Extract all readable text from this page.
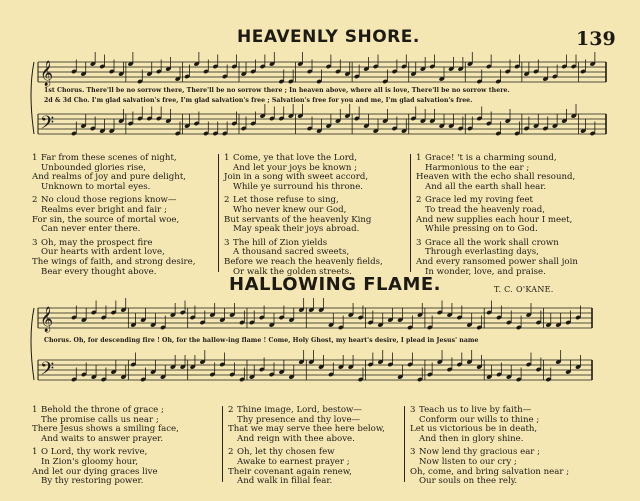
HEAVENLY SHORE.	139
𝄞
𝄢
𝄞
𝄢
1st Chorus. There'll be no sorrow there, There'll be no sorrow there ; In heaven above, where all is love, There'll be no sorrow there.
2d & 3d Cho. I'm glad salvation's free, I'm glad salvation's free ; Salvation's free for you and me, I'm glad salvation's free.
1 Far from these scenes of night,
Unbounded glories rise,
And realms of joy and pure delight,
Unknown to mortal eyes.
2 No cloud those regions know—
Realms ever bright and fair ;
For sin, the source of mortal woe,
Can never enter there.
3 Oh, may the prospect fire
Our hearts with ardent love,
The wings of faith, and strong desire,
Bear every thought above.
1 Come, ye that love the Lord,
And let your joys be known ;
Join in a song with sweet accord,
While ye surround his throne.
2 Let those refuse to sing,
Who never knew our God,
But servants of the heavenly King
May speak their joys abroad.
3 The hill of Zion yields
A thousand sacred sweets,
Before we reach the heavenly fields,
Or walk the golden streets.
1 Grace! 't is a charming sound,
Harmonious to the ear ;
Heaven with the echo shall resound,
And all the earth shall hear.
2 Grace led my roving feet
To tread the heavenly road,
And new supplies each hour I meet,
While pressing on to God.
3 Grace all the work shall crown
Through everlasting days,
And every ransomed power shall join
In wonder, love, and praise.
HALLOWING FLAME.	T. C. O'KANE.
Chorus. Oh, for descending fire ! Oh, for the hallow-ing flame ! Come, Holy Ghost, my heart's desire, I plead in Jesus' name
1 Behold the throne of grace ;
The promise calls us near ;
There Jesus shows a smiling face,
And waits to answer prayer.
1 O Lord, thy work revive,
In Zion's gloomy hour,
And let our dying graces live
By thy restoring power.
2 Thine image, Lord, bestow—
Thy presence and thy love—
That we may serve thee here below,
And reign with thee above.
2 Oh, let thy chosen few
Awake to earnest prayer ;
Their covenant again renew,
And walk in filial fear.
3 Teach us to live by faith—
Conform our wills to thine ;
Let us victorious be in death,
And then in glory shine.
3 Now lend thy gracious ear ;
Now listen to our cry ;
Oh, come, and bring salvation near ;
Our souls on thee rely.
